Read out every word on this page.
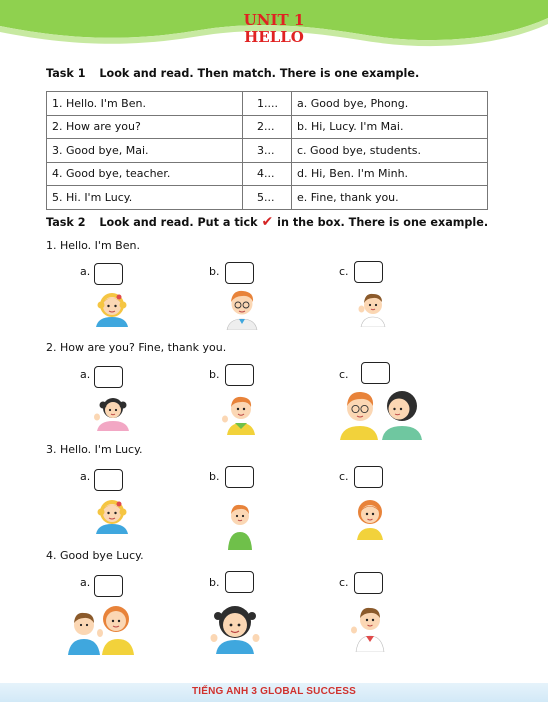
UNIT 1
HELLO
Task 1 Look and read. Then match. There is one example.
1. Hello. I'm Ben.	1....	a. Good bye, Phong.
2. How are you?	2...	b. Hi, Lucy. I'm Mai.
3. Good bye, Mai.	3...	c. Good bye, students.
4. Good bye, teacher.	4...	d. Hi, Ben. I'm Minh.
5. Hi. I'm Lucy.	5...	e. Fine, thank you.
Task 2 Look and read. Put a tick ✔ in the box. There is one example.
1. Hello. I'm Ben.
a.	b.	c.
2. How are you? Fine, thank you.
a.	b.	c.
3. Hello. I'm Lucy.
a.	b.	c.
4. Good bye Lucy.
a.	b.	c.
TIẾNG ANH 3 GLOBAL SUCCESS
